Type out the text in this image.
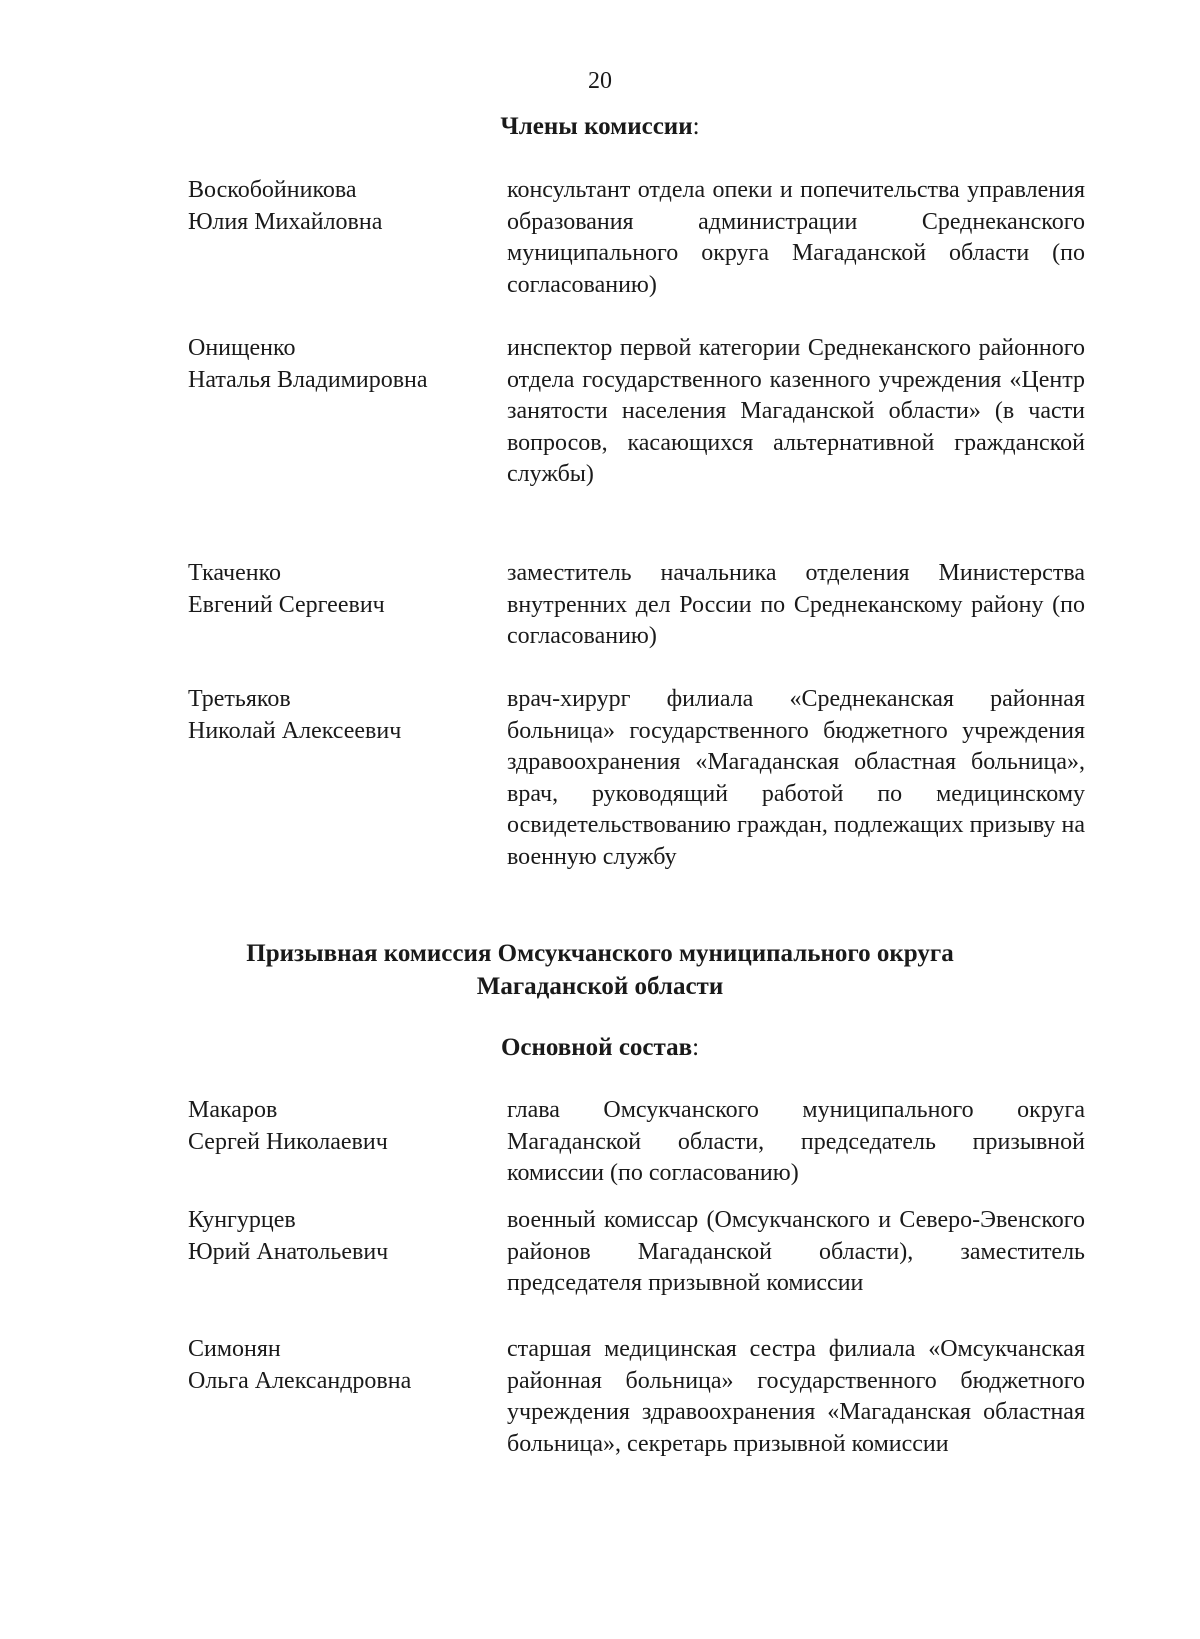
20
Члены комиссии:
Воскобойникова
Юлия Михайловна
консультант отдела опеки и попечительства управления образования администрации Среднеканского муниципального округа Магаданской области (по согласованию)
Онищенко
Наталья Владимировна
инспектор первой категории Среднеканского районного отдела государственного казенного учреждения «Центр занятости населения Магаданской области» (в части вопросов, касающихся альтернативной гражданской службы)
Ткаченко
Евгений Сергеевич
заместитель начальника отделения Министерства внутренних дел России по Среднеканскому району (по согласованию)
Третьяков
Николай Алексеевич
врач-хирург филиала «Среднеканская районная больница» государственного бюджетного учреждения здравоохранения «Магаданская областная больница», врач, руководящий работой по медицинскому освидетельствованию граждан, подлежащих призыву на военную службу
Призывная комиссия Омсукчанского муниципального округа
Магаданской области
Основной состав:
Макаров
Сергей Николаевич
глава Омсукчанского муниципального округа Магаданской области, председатель призывной комиссии (по согласованию)
Кунгурцев
Юрий Анатольевич
военный комиссар (Омсукчанского и Северо-Эвенского районов Магаданской области), заместитель председателя призывной комиссии
Симонян
Ольга Александровна
старшая медицинская сестра филиала «Омсукчанская районная больница» государственного бюджетного учреждения здравоохранения «Магаданская областная больница», секретарь призывной комиссии
